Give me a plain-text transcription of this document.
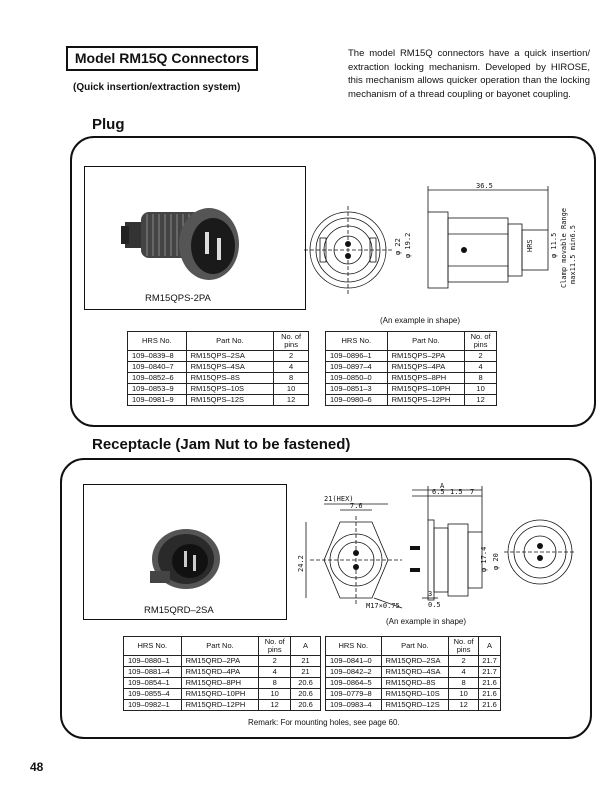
Model RM15Q Connectors
(Quick insertion/extraction system)
The model RM15Q connectors have a quick insertion/ extraction locking mechanism. Developed by HIROSE, this mechanism allows quicker operation than the locking mechanism of a thread coupling or bayonet coupling.
Plug
RM15QPS-2PA
φ 22 φ 19.2
36.5
HRS φ 11.5 Clamp movable Range max11.5 min6.5
(An example in shape)
HRS No.	Part No.	No. of pins
109–0839–8	RM15QPS–2SA	2
109–0840–7	RM15QPS–4SA	4
109–0852–6	RM15QPS–8S	8
109–0853–9	RM15QPS–10S	10
109–0981–9	RM15QPS–12S	12
HRS No.	Part No.	No. of pins
109–0896–1	RM15QPS–2PA	2
109–0897–4	RM15QPS–4PA	4
109–0850–0	RM15QPS–8PH	8
109–0851–3	RM15QPS–10PH	10
109–0980–6	RM15QPS–12PH	12
Receptacle (Jam Nut to be fastened)
RM15QRD–2SA
21(HEX)
7.6
24.2
M17×0.75
A
6.5 1.5 7
φ 17.4 φ 20
3
0.5
(An example in shape)
HRS No.	Part No.	No. of pins	A
109–0880–1	RM15QRD–2PA	2	21
109–0881–4	RM15QRD–4PA	4	21
109–0854–1	RM15QRD–8PH	8	20.6
109–0855–4	RM15QRD–10PH	10	20.6
109–0982–1	RM15QRD–12PH	12	20.6
HRS No.	Part No.	No. of pins	A
109–0841–0	RM15QRD–2SA	2	21.7
109–0842–2	RM15QRD–4SA	4	21.7
109–0864–5	RM15QRD–8S	8	21.6
109–0779–8	RM15QRD–10S	10	21.6
109–0983–4	RM15QRD–12S	12	21.6
Remark: For mounting holes, see page 60.
48
